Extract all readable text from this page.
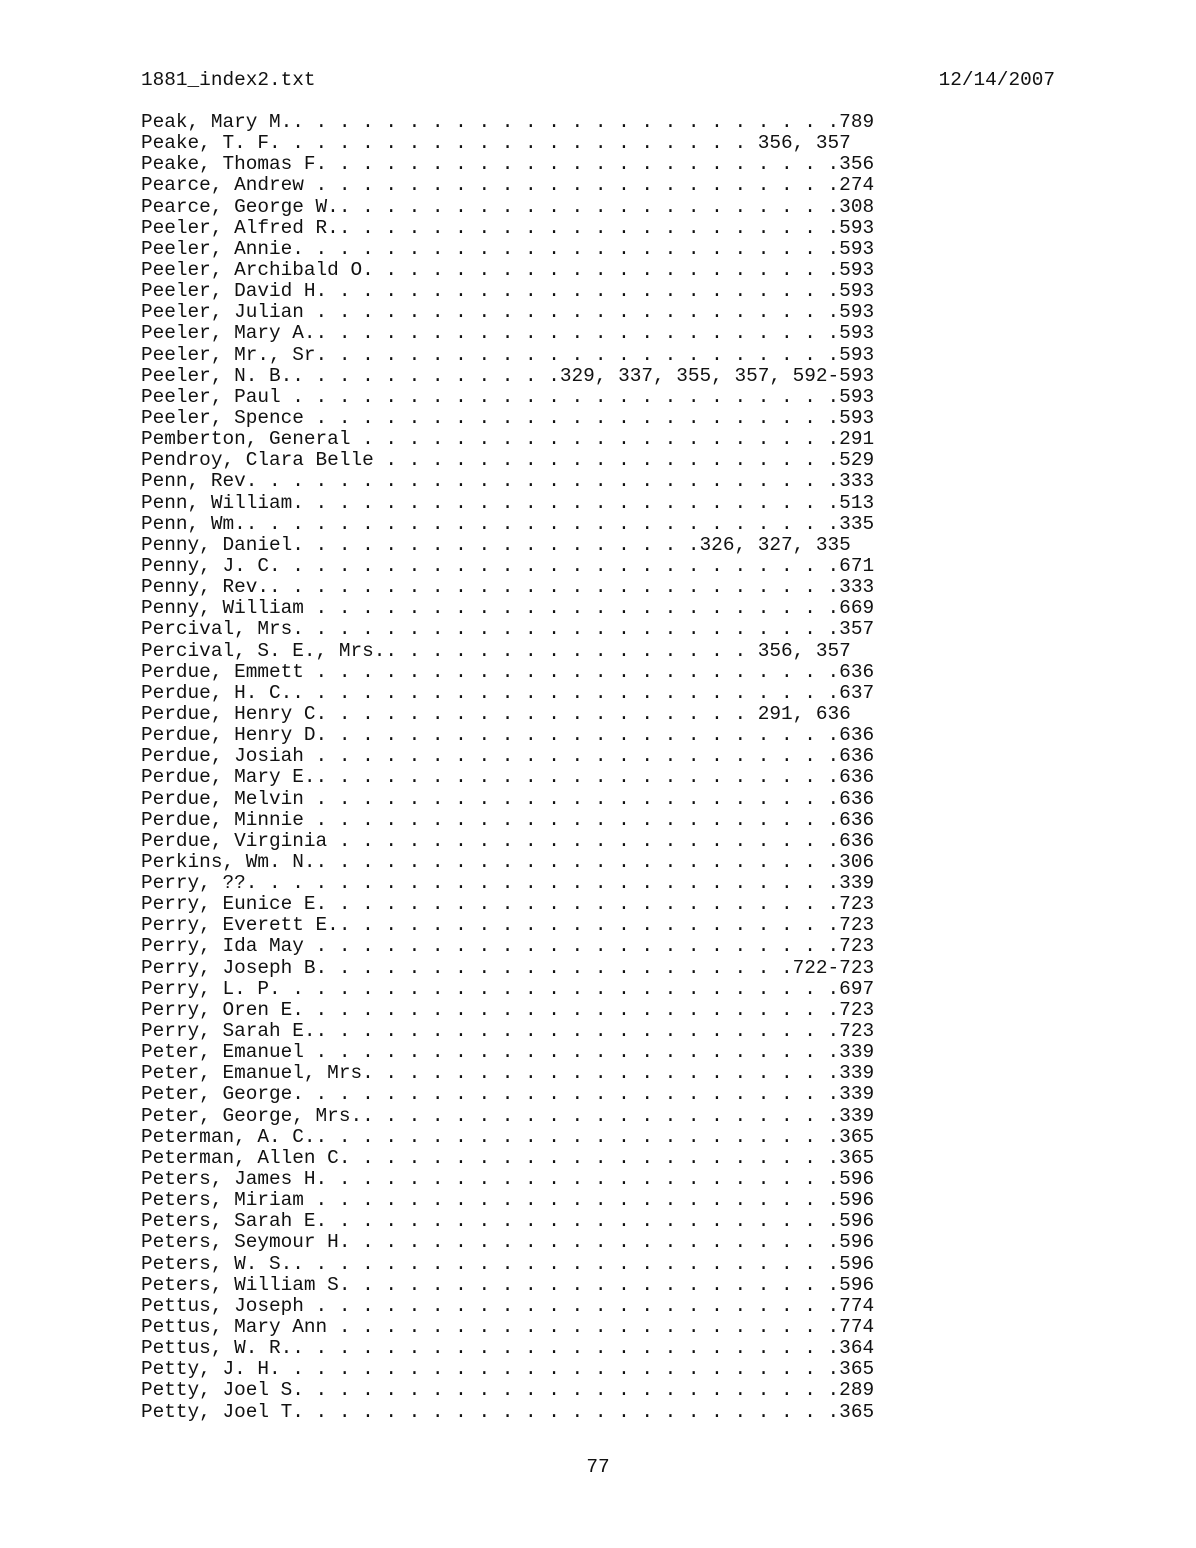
1881_index2.txt	12/14/2007
Peak, Mary M.. . . . . . . . . . . . . . . . . . . . . . . .789
Peake, T. F. . . . . . . . . . . . . . . . . . . . . 356, 357
Peake, Thomas F. . . . . . . . . . . . . . . . . . . . . . .356
Pearce, Andrew . . . . . . . . . . . . . . . . . . . . . . .274
Pearce, George W.. . . . . . . . . . . . . . . . . . . . . .308
Peeler, Alfred R.. . . . . . . . . . . . . . . . . . . . . .593
Peeler, Annie. . . . . . . . . . . . . . . . . . . . . . . .593
Peeler, Archibald O. . . . . . . . . . . . . . . . . . . . .593
Peeler, David H. . . . . . . . . . . . . . . . . . . . . . .593
Peeler, Julian . . . . . . . . . . . . . . . . . . . . . . .593
Peeler, Mary A.. . . . . . . . . . . . . . . . . . . . . . .593
Peeler, Mr., Sr. . . . . . . . . . . . . . . . . . . . . . .593
Peeler, N. B.. . . . . . . . . . . .329, 337, 355, 357, 592-593
Peeler, Paul . . . . . . . . . . . . . . . . . . . . . . . .593
Peeler, Spence . . . . . . . . . . . . . . . . . . . . . . .593
Pemberton, General . . . . . . . . . . . . . . . . . . . . .291
Pendroy, Clara Belle . . . . . . . . . . . . . . . . . . . .529
Penn, Rev. . . . . . . . . . . . . . . . . . . . . . . . . .333
Penn, William. . . . . . . . . . . . . . . . . . . . . . . .513
Penn, Wm.. . . . . . . . . . . . . . . . . . . . . . . . . .335
Penny, Daniel. . . . . . . . . . . . . . . . . .326, 327, 335
Penny, J. C. . . . . . . . . . . . . . . . . . . . . . . . .671
Penny, Rev.. . . . . . . . . . . . . . . . . . . . . . . . .333
Penny, William . . . . . . . . . . . . . . . . . . . . . . .669
Percival, Mrs. . . . . . . . . . . . . . . . . . . . . . . .357
Percival, S. E., Mrs.. . . . . . . . . . . . . . . . 356, 357
Perdue, Emmett . . . . . . . . . . . . . . . . . . . . . . .636
Perdue, H. C.. . . . . . . . . . . . . . . . . . . . . . . .637
Perdue, Henry C. . . . . . . . . . . . . . . . . . . 291, 636
Perdue, Henry D. . . . . . . . . . . . . . . . . . . . . . .636
Perdue, Josiah . . . . . . . . . . . . . . . . . . . . . . .636
Perdue, Mary E.. . . . . . . . . . . . . . . . . . . . . . .636
Perdue, Melvin . . . . . . . . . . . . . . . . . . . . . . .636
Perdue, Minnie . . . . . . . . . . . . . . . . . . . . . . .636
Perdue, Virginia . . . . . . . . . . . . . . . . . . . . . .636
Perkins, Wm. N.. . . . . . . . . . . . . . . . . . . . . . .306
Perry, ??. . . . . . . . . . . . . . . . . . . . . . . . . .339
Perry, Eunice E. . . . . . . . . . . . . . . . . . . . . . .723
Perry, Everett E.. . . . . . . . . . . . . . . . . . . . . .723
Perry, Ida May . . . . . . . . . . . . . . . . . . . . . . .723
Perry, Joseph B. . . . . . . . . . . . . . . . . . . . .722-723
Perry, L. P. . . . . . . . . . . . . . . . . . . . . . . . .697
Perry, Oren E. . . . . . . . . . . . . . . . . . . . . . . .723
Perry, Sarah E.. . . . . . . . . . . . . . . . . . . . . . .723
Peter, Emanuel . . . . . . . . . . . . . . . . . . . . . . .339
Peter, Emanuel, Mrs. . . . . . . . . . . . . . . . . . . . .339
Peter, George. . . . . . . . . . . . . . . . . . . . . . . .339
Peter, George, Mrs.. . . . . . . . . . . . . . . . . . . . .339
Peterman, A. C.. . . . . . . . . . . . . . . . . . . . . . .365
Peterman, Allen C. . . . . . . . . . . . . . . . . . . . . .365
Peters, James H. . . . . . . . . . . . . . . . . . . . . . .596
Peters, Miriam . . . . . . . . . . . . . . . . . . . . . . .596
Peters, Sarah E. . . . . . . . . . . . . . . . . . . . . . .596
Peters, Seymour H. . . . . . . . . . . . . . . . . . . . . .596
Peters, W. S.. . . . . . . . . . . . . . . . . . . . . . . .596
Peters, William S. . . . . . . . . . . . . . . . . . . . . .596
Pettus, Joseph . . . . . . . . . . . . . . . . . . . . . . .774
Pettus, Mary Ann . . . . . . . . . . . . . . . . . . . . . .774
Pettus, W. R.. . . . . . . . . . . . . . . . . . . . . . . .364
Petty, J. H. . . . . . . . . . . . . . . . . . . . . . . . .365
Petty, Joel S. . . . . . . . . . . . . . . . . . . . . . . .289
Petty, Joel T. . . . . . . . . . . . . . . . . . . . . . . .365
77
